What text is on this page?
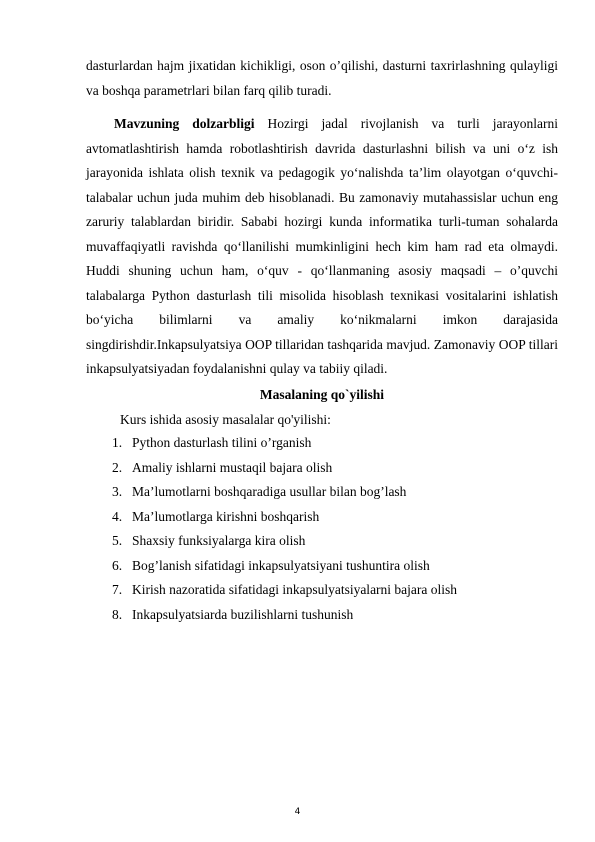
dasturlardan hajm jixatidan kichikligi, oson o’qilishi, dasturni taxrirlashning qulayligi va boshqa parametrlari bilan farq qilib turadi.

Mavzuning dolzarbligi Hozirgi jadal rivojlanish va turli jarayonlarni avtomatlashtirish hamda robotlashtirish davrida dasturlashni bilish va uni o‘z ish jarayonida ishlata olish texnik va pedagogik yo‘nalishda ta’lim olayotgan o‘quvchi-talabalar uchun juda muhim deb hisoblanadi. Bu zamonaviy mutahassislar uchun eng zaruriy talablardan biridir. Sababi hozirgi kunda informatika turli-tuman sohalarda muvaffaqiyatli ravishda qo‘llanilishi mumkinligini hech kim ham rad eta olmaydi. Huddi shuning uchun ham, o‘quv - qo‘llanmaning asosiy maqsadi – o’quvchi talabalarga Python dasturlash tili misolida hisoblash texnikasi vositalarini ishlatish bo‘yicha bilimlarni va amaliy ko‘nikmalarni imkon darajasida singdirishdir.Inkapsulyatsiya OOP tillaridan tashqarida mavjud. Zamonaviy OOP tillari inkapsulyatsiyadan foydalanishni qulay va tabiiy qiladi.

Masalaning qo`yilishi

Kurs ishida asosiy masalalar qo'yilishi:

1. Python dasturlash tilini o’rganish
2. Amaliy ishlarni mustaqil bajara olish
3. Ma’lumotlarni boshqaradiga usullar bilan bog’lash
4. Ma’lumotlarga kirishni boshqarish
5. Shaxsiy funksiyalarga kira olish
6. Bog’lanish sifatidagi inkapsulyatsiyani tushuntira olish
7. Kirish nazoratida sifatidagi inkapsulyatsiyalarni bajara olish
8. Inkapsulyatsiarda buzilishlarni tushunish

4
